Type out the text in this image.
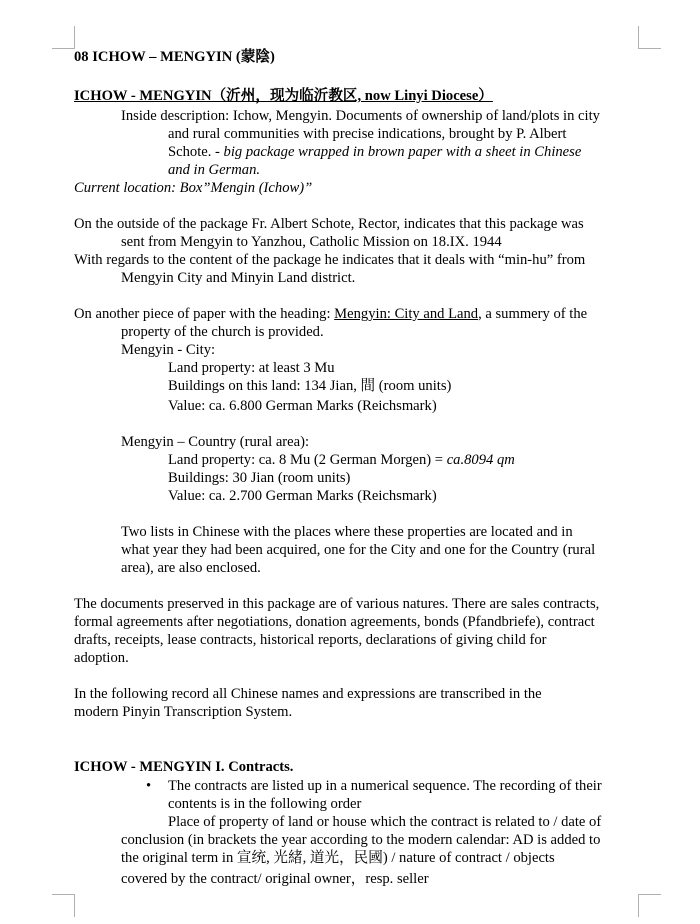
08 ICHOW – MENGYIN (蒙陰)
ICHOW - MENGYIN（沂州，现为临沂教区, now Linyi Diocese）
Inside description: Ichow, Mengyin. Documents of ownership of land/plots in city
and rural communities with precise indications, brought by P. Albert
Schote. - big package wrapped in brown paper with a sheet in Chinese
and in German.
Current location: Box”Mengin (Ichow)”
On the outside of the package Fr. Albert Schote, Rector, indicates that this package was
sent from Mengyin to Yanzhou, Catholic Mission on 18.IX. 1944
With regards to the content of the package he indicates that it deals with “min-hu” from
Mengyin City and Minyin Land district.
On another piece of paper with the heading: Mengyin: City and Land, a summery of the
property of the church is provided.
Mengyin - City:
Land property: at least 3 Mu
Buildings on this land: 134 Jian, 間 (room units)
Value: ca. 6.800 German Marks (Reichsmark)
Mengyin – Country (rural area):
Land property: ca. 8 Mu (2 German Morgen) = ca.8094 qm
Buildings: 30 Jian (room units)
Value: ca. 2.700 German Marks (Reichsmark)
Two lists in Chinese with the places where these properties are located and in
what year they had been acquired, one for the City and one for the Country (rural
area), are also enclosed.
The documents preserved in this package are of various natures. There are sales contracts,
formal agreements after negotiations, donation agreements, bonds (Pfandbriefe), contract
drafts, receipts, lease contracts, historical reports, declarations of giving child for
adoption.
In the following record all Chinese names and expressions are transcribed in the
modern Pinyin Transcription System.
ICHOW - MENGYIN I. Contracts.
• The contracts are listed up in a numerical sequence. The recording of their
contents is in the following order
Place of property of land or house which the contract is related to / date of
conclusion (in brackets the year according to the modern calendar: AD is added to
the original term in 宣统, 光緒, 道光，民國) / nature of contract / objects
covered by the contract/ original owner，resp. seller
